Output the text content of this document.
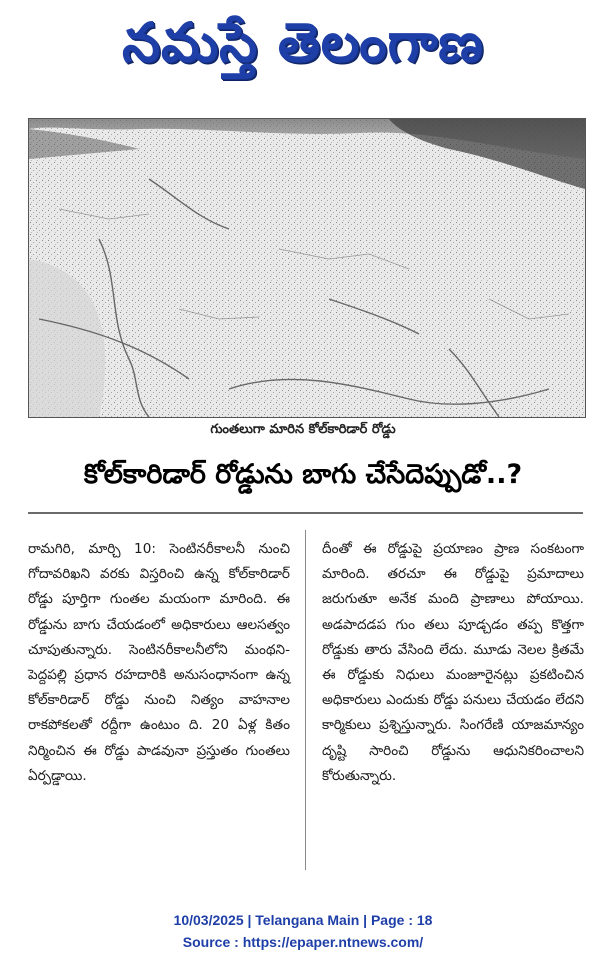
నమస్తే తెలంగాణ
గుంతలుగా మారిన కోల్‌కారిడార్ రోడ్డు
కోల్‌కారిడార్ రోడ్డును బాగు చేసేదెప్పుడో..?
రామగిరి, మార్చి 10: సెంటినరీకాలనీ నుంచి గోదావరిఖని వరకు విస్తరించి ఉన్న కోల్‌కారిడార్ రోడ్డు పూర్తిగా గుంతల మయంగా మారింది. ఈ రోడ్డును బాగు చేయడంలో అధికారులు ఆలసత్వం చూపుతున్నారు. సెంటినరీకాలనీలోని మంథని-పెద్దపల్లి ప్రధాన రహదారికి అనుసంధానంగా ఉన్న కోల్‌కారిడార్ రోడ్డు నుంచి నిత్యం వాహనాల రాకపోకలతో రద్దీగా ఉంటుం ది. 20 ఏళ్ల కితం నిర్మించిన ఈ రోడ్డు పాడవునా ప్రస్తుతం గుంతలు ఏర్పడ్డాయి.
దీంతో ఈ రోడ్డుపై ప్రయాణం ప్రాణ సంకటంగా మారింది. తరచూ ఈ రోడ్డుపై ప్రమాదాలు జరుగుతూ అనేక మంది ప్రాణాలు పోయాయి. అడపాదడప గుం తలు పూడ్చడం తప్ప కొత్తగా రోడ్డుకు తారు వేసింది లేదు. మూడు నెలల క్రితమే ఈ రోడ్డుకు నిధులు మంజూరైనట్లు ప్రకటించిన అధికారులు ఎందుకు రోడ్డు పనులు చేయడం లేదని కార్మికులు ప్రశ్నిస్తున్నారు. సింగరేణి యాజమాన్యం దృష్టి సారించి రోడ్డును ఆధునికరించాలని కోరుతున్నారు.
10/03/2025 | Telangana Main | Page : 18
Source : https://epaper.ntnews.com/
